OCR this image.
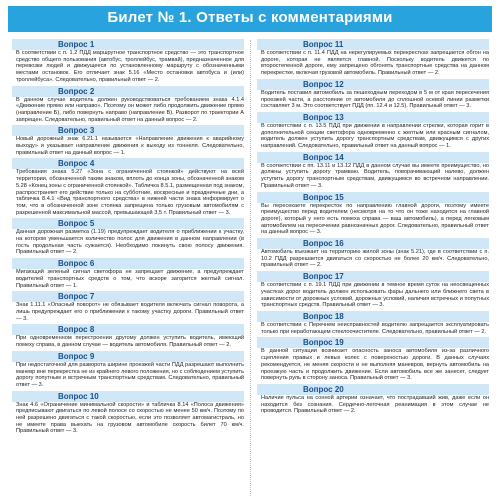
Билет № 1. Ответы с комментариями
Вопрос 1
В соответствии с п. 1.2 ПДД маршрутное транспортное средство — это транспортное средство общего пользования (автобус, троллейбус, трамвай), предназначенное для перевозки людей и движущееся по установленному маршруту с обозначенными местами остановок. Его отличает знак 5.16 «Место остановки автобуса и (или) троллейбуса». Следовательно, правильный ответ — 2.
Вопрос 2
В данном случае водитель должен руководствоваться требованием знака 4.1.4 «Движение прямо или направо». Поэтому он может либо продолжить движение прямо (направление Б), либо повернуть направо (направление В). Разворот по траектории А запрещен. Следовательно, правильный ответ на данный вопрос — 2.
Вопрос 3
Новый дорожный знак 6.21.1 называется «Направление движения к аварийному выходу» и указывает направление движения к выходу из тоннеля. Следовательно, правильный ответ на данный вопрос — 1.
Вопрос 4
Требования знака 5.27 «Зона с ограниченной стоянкой» действуют на всей территории, обозначенной таким знаком, вплоть до конца зоны, обозначенной знаком 5.28 «Конец зоны с ограниченной стоянкой». Табличка 8.5.1, размещенная под знаком, распространяет его действие только на субботние, воскресные и праздничные дни, а табличка 8.4.1 «Вид транспортного средства» в нижней части знака информирует о том, что в обозначенной зоне стоянка запрещена только грузовым автомобилям с разрешенной максимальной массой, превышающей 3,5 т. Правильный ответ — 3.
Вопрос 5
Данная дорожная разметка (1.19) предупреждает водителя о приближении к участку, на котором уменьшается количество полос для движения в данном направлении (в гость продольная часть сужается). Необходимо покинуть свою полосу движения. Правильный ответ — 2.
Вопрос 6
Мигающий зеленый сигнал светофора не запрещает движение, а предупреждает водителей транспортных средств о том, что вскоре загорится желтый сигнал. Правильный ответ — 1.
Вопрос 7
Знак 1.11.1 «Опасный поворот» не обязывает водителя включать сигнал поворота, а лишь предупреждает его о приближении к такому участку дороги. Правильный ответ — 3.
Вопрос 8
При одновременном перестроении другому должен уступить водитель, имеющий помеху справа, в данном случае — водитель автомобиля. Правильный ответ — 2.
Вопрос 9
При недостаточной для разворота ширине проезжей части ПДД разрешают выполнить маневр вне перекрестка не из крайнего левого положения, но с соблюдением уступить дорогу попутным и встречным транспортным средствам. Следовательно, правильный ответ — 3.
Вопрос 10
Знак 4.6 «Ограничение минимальной скорости» и табличка 8.14 «Полоса движения» предписывают двигаться по левой полосе со скоростью не менее 50 км/ч. Поэтому по ней разрешено двигаться с такой скоростью, если это позволяет автомагистраль, но не имеете права выехать на грузовом автомобиле скорость билет 70 км/ч. Правильный ответ — 3.
Вопрос 11
В соответствии с п. 11.4 ПДД на нерегулируемых перекрестках запрещается обгон на дороге, которая не является главной. Поскольку водитель движется по второстепенной дороге, ему запрещено обгонять транспортные средства на данном перекрестке, включая грузовой автомобиль. Правильный ответ — 2.
Вопрос 12
Водитель поставил автомобиль за пешеходным переходом в 5 м от края пересечения проезжей части, а расстояние от автомобиля до сплошной осевой линии разметки составляет 3 м. Это соответствует ПДД (пп. 12.4 и 12.5). Правильный ответ — 3.
Вопрос 13
В соответствии с п. 13.5 ПДД при движении в направлении стрелки, которая горит в дополнительной секции светофора одновременно с желтым или красным сигналом, водитель должен уступить дорогу транспортным средствам, движущимся с других направлений. Следовательно, правильный ответ на данный вопрос — 1.
Вопрос 14
В соответствии с пп. 13.11 и 13.12 ПДД в данном случае вы имеете преимущество, но должны уступить дорогу трамваю. Водитель, поворачивающий налево, должен уступить дорогу транспортным средствам, движущимся во встречном направлении. Правильный ответ — 3.
Вопрос 15
Вы пересекаете перекресток по направлению главной дороги, поэтому имеете преимущество перед водителем (несмотря на то что он тоже находится на главной дороге), который у него есть помеха справа — ваш автомобиль), а перед легковым автомобилем на пересечении равнозначных дорог. Следовательно, правильный ответ на данный вопрос — 3.
Вопрос 16
Автомобиль въезжает на территорию жилой зоны (знак 5.21), где в соответствии с п. 10.2 ПДД разрешается двигаться со скоростью не более 20 км/ч. Следовательно, правильный ответ — 2.
Вопрос 17
В соответствии с п. 19.1 ПДД при движении в темное время суток на неосвещенных участках дорог водитель должен использовать фары дальнего или ближнего света в зависимости от дорожных условий, дорожных условий, наличия встречных и попутных транспортных средств. Правильный ответ — 3.
Вопрос 18
В соответствии с Перечнем неисправностей водителю запрещается эксплуатировать только при неработающем стеклоочистителе. Следовательно, правильный ответ — 2.
Вопрос 19
В данной ситуации возникает опасность заноса автомобиля из-за различного сцепления правых и левых колес с поверхностью дороги. В данных случаях рекомендуется, не меняя скорости и не выполняя маневров, вернуть автомобиль на проезжую часть и продолжить движение. Если автомобиль все же занесет, следует повернуть руль в сторону заноса. Правильный ответ — 3.
Вопрос 20
Наличие пульса на сонной артерии означает, что пострадавший жив, даже если он находится без сознания. Сердечно-легочная реанимация в этом случае не проводится. Правильный ответ — 2.
